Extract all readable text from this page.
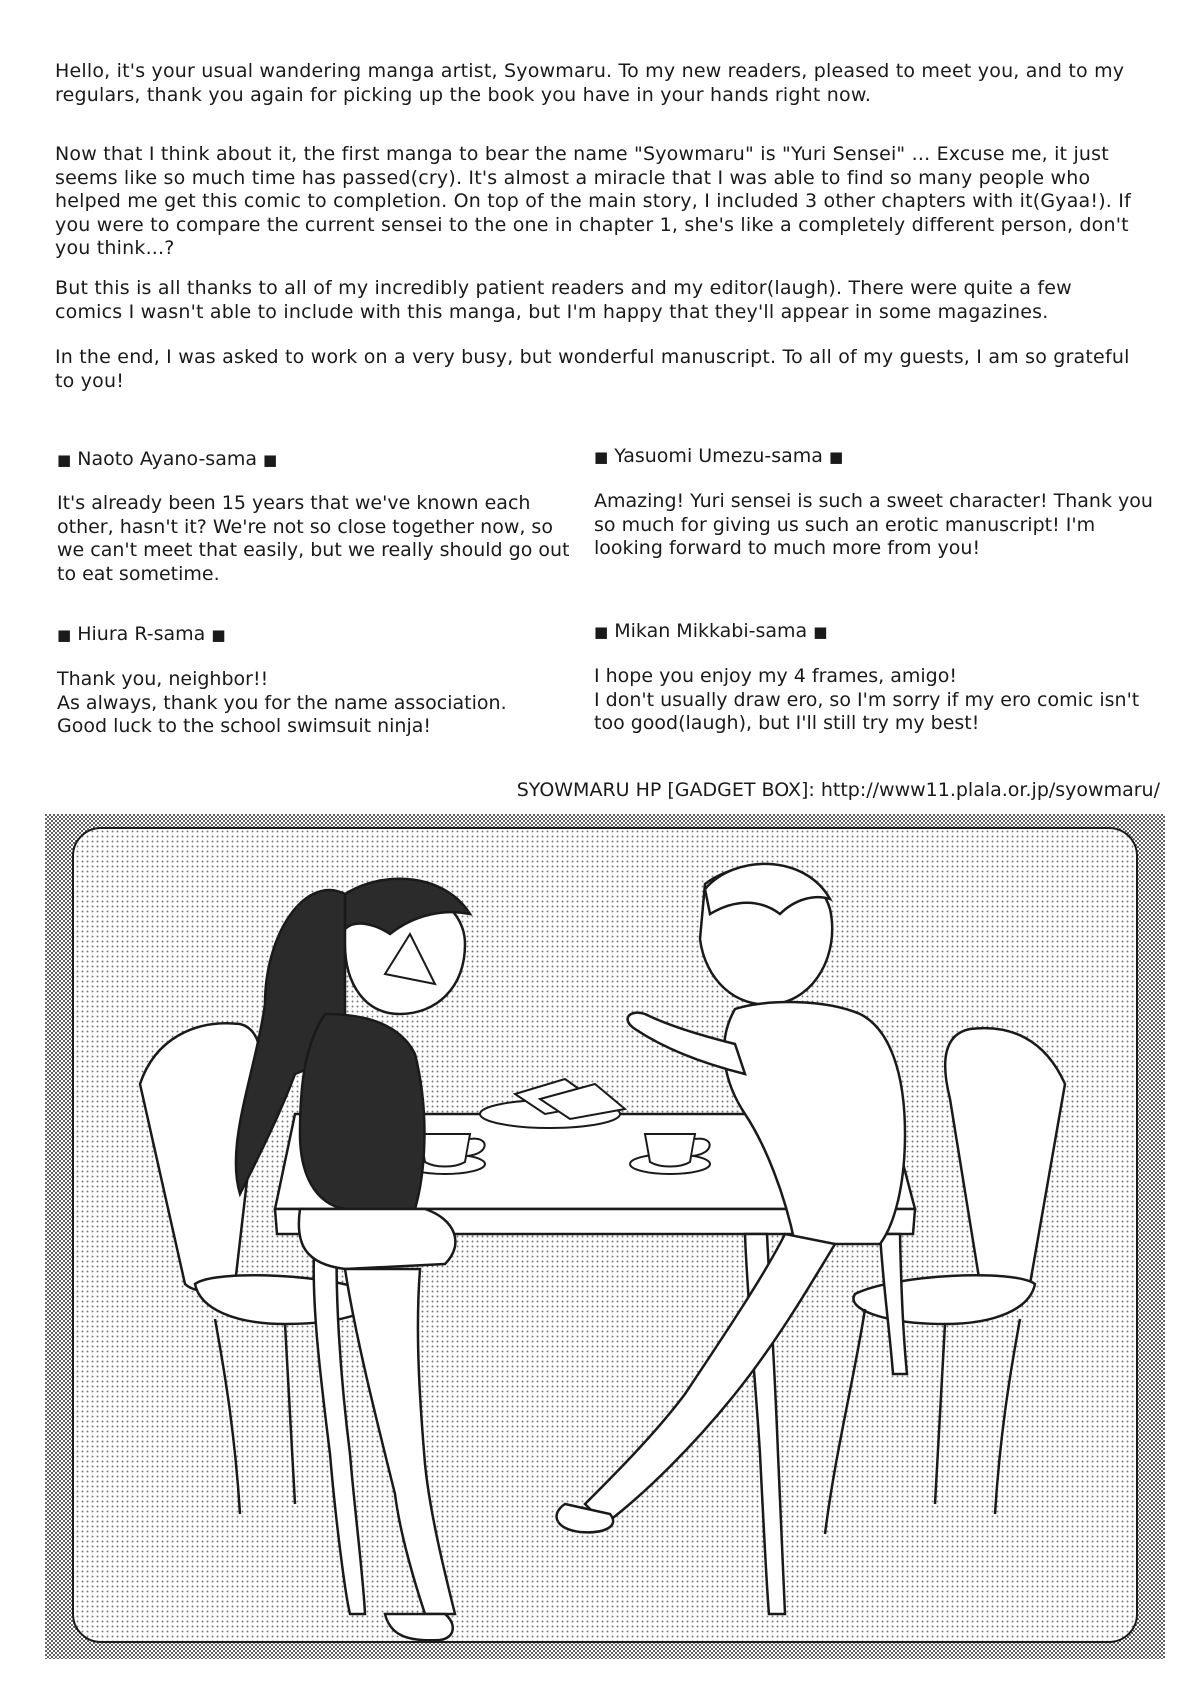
Hello, it's your usual wandering manga artist, Syowmaru. To my new readers, pleased to meet you, and to my regulars, thank you again for picking up the book you have in your hands right now.

Now that I think about it, the first manga to bear the name "Syowmaru" is "Yuri Sensei" ... Excuse me, it just seems like so much time has passed(cry). It's almost a miracle that I was able to find so many people who helped me get this comic to completion. On top of the main story, I included 3 other chapters with it(Gyaa!). If you were to compare the current sensei to the one in chapter 1, she's like a completely different person, don't you think...?

But this is all thanks to all of my incredibly patient readers and my editor(laugh). There were quite a few comics I wasn't able to include with this manga, but I'm happy that they'll appear in some magazines.

In the end, I was asked to work on a very busy, but wonderful manuscript. To all of my guests, I am so grateful to you!

■ Naoto Ayano-sama ■

It's already been 15 years that we've known each other, hasn't it? We're not so close together now, so we can't meet that easily, but we really should go out to eat sometime.

■ Yasuomi Umezu-sama ■

Amazing! Yuri sensei is such a sweet character! Thank you so much for giving us such an erotic manuscript! I'm looking forward to much more from you!

■ Hiura R-sama ■

Thank you, neighbor!!
As always, thank you for the name association.
Good luck to the school swimsuit ninja!

■ Mikan Mikkabi-sama ■

I hope you enjoy my 4 frames, amigo!
I don't usually draw ero, so I'm sorry if my ero comic isn't too good(laugh), but I'll still try my best!

SYOWMARU HP [GADGET BOX]: http://www11.plala.or.jp/syowmaru/
